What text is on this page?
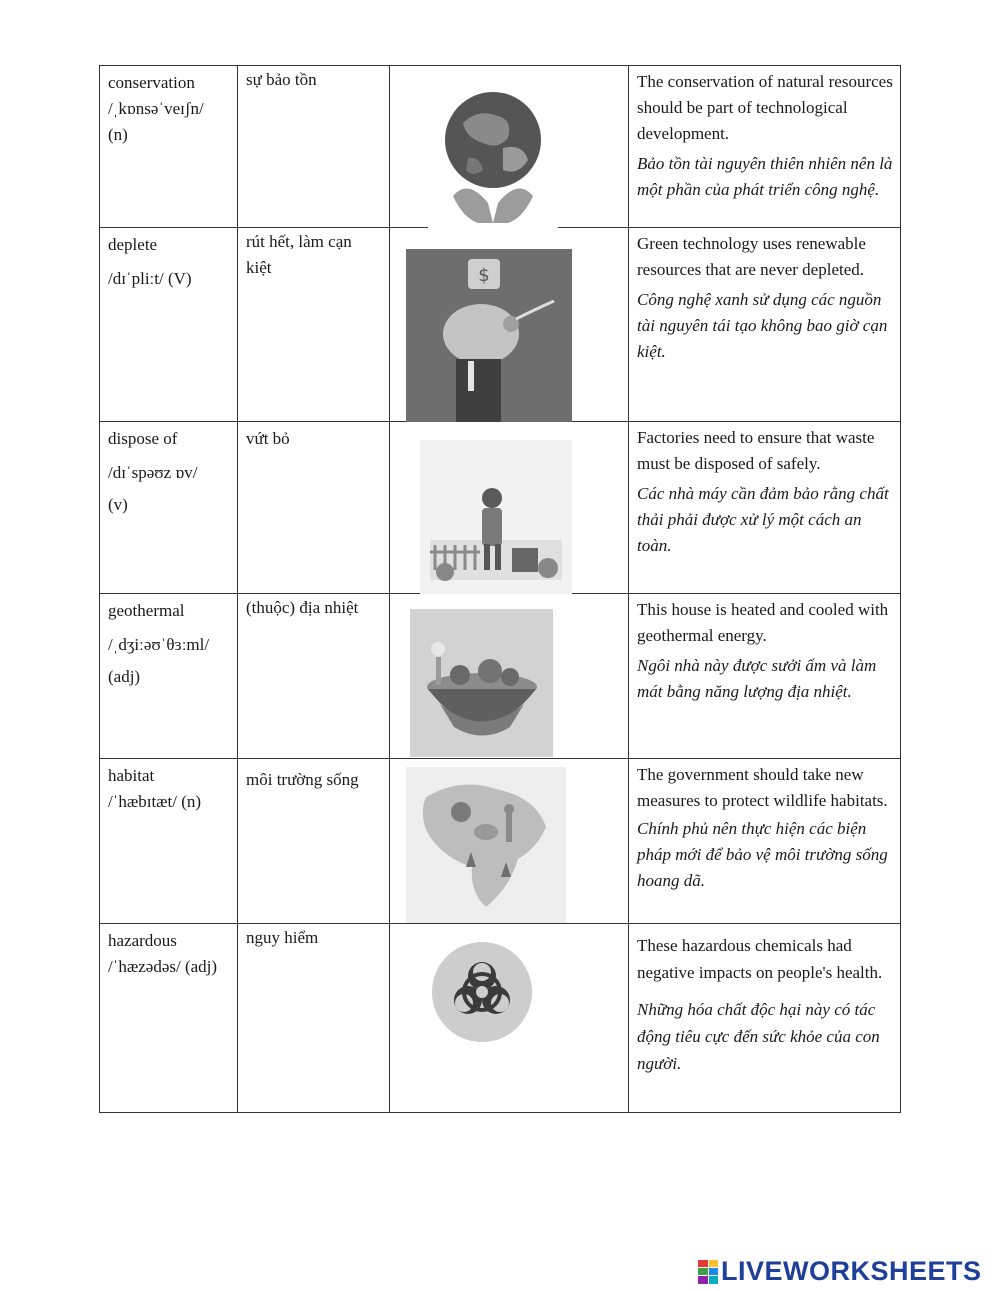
conservation
/ˌkɒnsəˈveɪʃn/
(n)	sự bảo tồn		The conservation of natural resources should be part of technological development.
Bảo tồn tài nguyên thiên nhiên nên là một phần của phát triển công nghệ.

deplete
/dɪˈpliːt/ (V)	rút hết, làm cạn kiệt	$	Green technology uses renewable resources that are never depleted.
Công nghệ xanh sử dụng các nguồn tài nguyên tái tạo không bao giờ cạn kiệt.

dispose of
/dɪˈspəʊz ɒv/
(v)	vứt bỏ		Factories need to ensure that waste must be disposed of safely.
Các nhà máy cần đảm bảo rằng chất thải phải được xử lý một cách an toàn.

geothermal
/ˌdʒiːəʊˈθɜːml/
(adj)	(thuộc) địa nhiệt		This house is heated and cooled with geothermal energy.
Ngôi nhà này được sưởi ấm và làm mát bằng năng lượng địa nhiệt.

habitat
/ˈhæbɪtæt/ (n)	môi trường sống		The government should take new measures to protect wildlife habitats.
Chính phủ nên thực hiện các biện pháp mới để bảo vệ môi trường sống hoang dã.

hazardous
/ˈhæzədəs/ (adj)	nguy hiểm		These hazardous chemicals had negative impacts on people's health.
Những hóa chất độc hại này có tác động tiêu cực đến sức khỏe của con người.
LIVEWORKSHEETS
